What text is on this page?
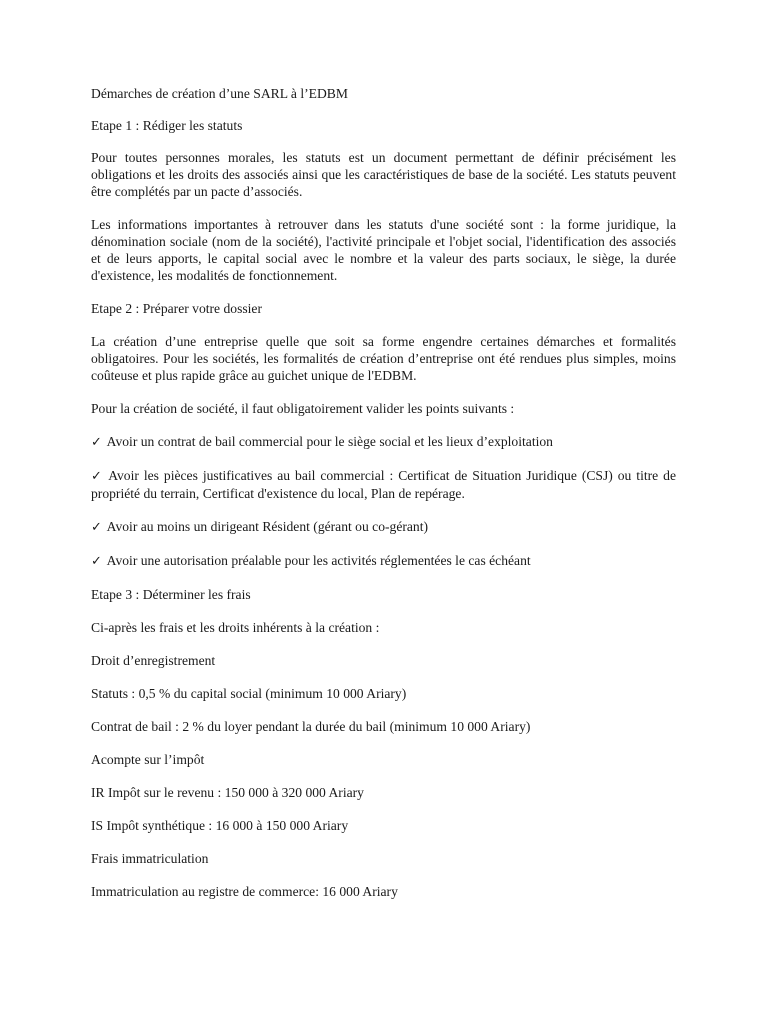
Démarches de création d’une SARL à l’EDBM

Etape 1 : Rédiger les statuts

Pour toutes personnes morales, les statuts est un document permettant de définir précisément les obligations et les droits des associés ainsi que les caractéristiques de base de la société. Les statuts peuvent être complétés par un pacte d’associés.

Les informations importantes à retrouver dans les statuts d'une société sont : la forme juridique, la dénomination sociale (nom de la société), l'activité principale et l'objet social, l'identification des associés et de leurs apports, le capital social avec le nombre et la valeur des parts sociaux, le siège, la durée d'existence, les modalités de fonctionnement.

Etape 2 : Préparer votre dossier

La création d’une entreprise quelle que soit sa forme engendre certaines démarches et formalités obligatoires. Pour les sociétés, les formalités de création d’entreprise ont été rendues plus simples, moins coûteuse et plus rapide grâce au guichet unique de l'EDBM.

Pour la création de société, il faut obligatoirement valider les points suivants :

✓ Avoir un contrat de bail commercial pour le siège social et les lieux d’exploitation

✓ Avoir les pièces justificatives au bail commercial : Certificat de Situation Juridique (CSJ) ou titre de propriété du terrain, Certificat d'existence du local, Plan de repérage.

✓ Avoir au moins un dirigeant Résident (gérant ou co-gérant)

✓ Avoir une autorisation préalable pour les activités réglementées le cas échéant

Etape 3 : Déterminer les frais

Ci-après les frais et les droits inhérents à la création :

Droit d’enregistrement

Statuts : 0,5 % du capital social (minimum 10 000 Ariary)

Contrat de bail : 2 % du loyer pendant la durée du bail (minimum 10 000 Ariary)

Acompte sur l’impôt

IR Impôt sur le revenu : 150 000 à 320 000 Ariary

IS Impôt synthétique : 16 000 à 150 000 Ariary

Frais immatriculation

Immatriculation au registre de commerce: 16 000 Ariary
